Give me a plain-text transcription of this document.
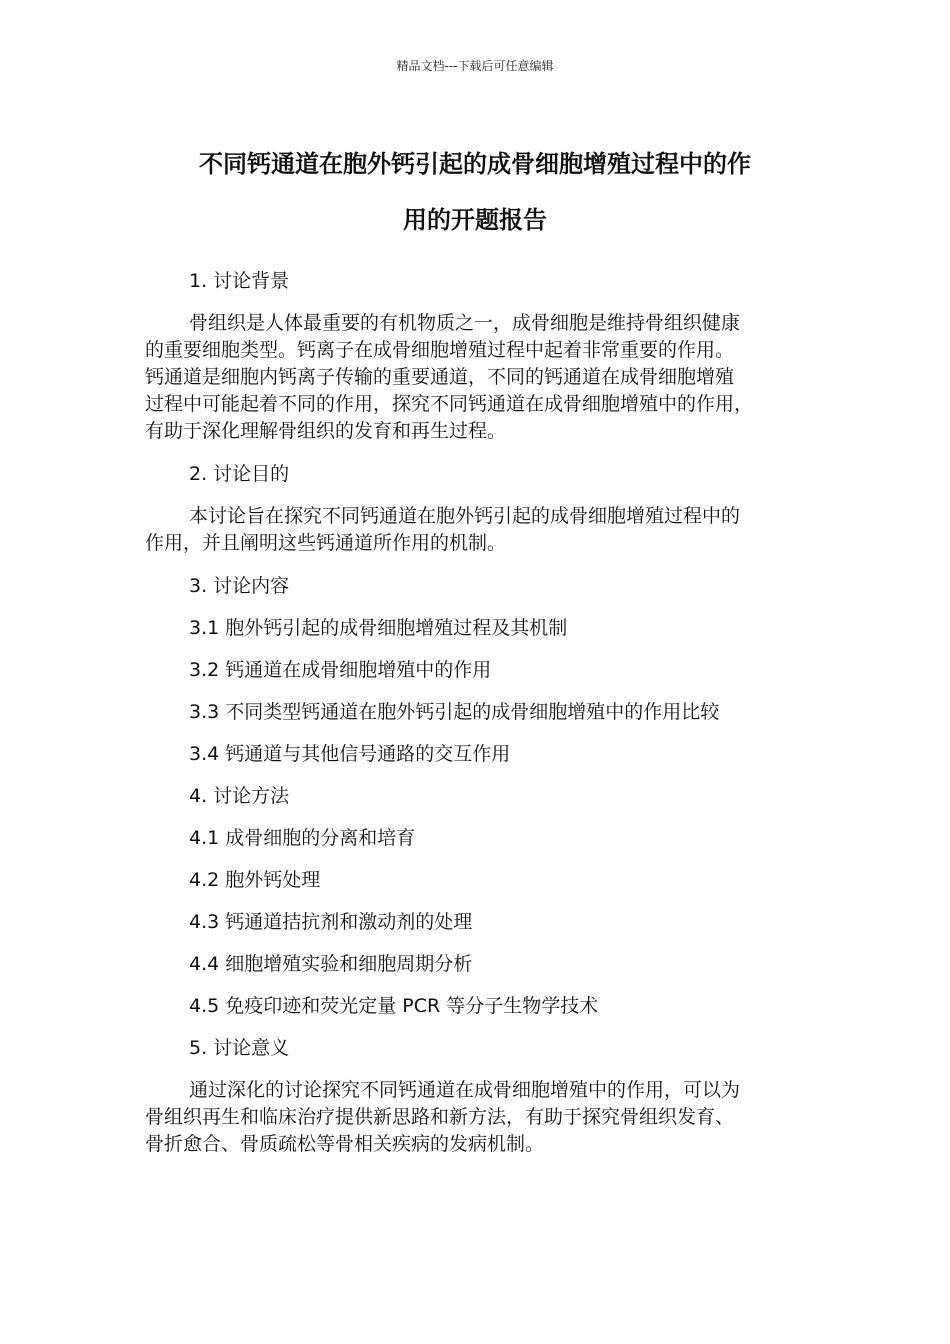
精品文档---下载后可任意编辑
不同钙通道在胞外钙引起的成骨细胞增殖过程中的作
用的开题报告
1. 讨论背景
骨组织是人体最重要的有机物质之一，成骨细胞是维持骨组织健康
的重要细胞类型。钙离子在成骨细胞增殖过程中起着非常重要的作用。
钙通道是细胞内钙离子传输的重要通道，不同的钙通道在成骨细胞增殖
过程中可能起着不同的作用，探究不同钙通道在成骨细胞增殖中的作用，
有助于深化理解骨组织的发育和再生过程。
2. 讨论目的
本讨论旨在探究不同钙通道在胞外钙引起的成骨细胞增殖过程中的
作用，并且阐明这些钙通道所作用的机制。
3. 讨论内容
3.1 胞外钙引起的成骨细胞增殖过程及其机制
3.2 钙通道在成骨细胞增殖中的作用
3.3 不同类型钙通道在胞外钙引起的成骨细胞增殖中的作用比较
3.4 钙通道与其他信号通路的交互作用
4. 讨论方法
4.1 成骨细胞的分离和培育
4.2 胞外钙处理
4.3 钙通道拮抗剂和激动剂的处理
4.4 细胞增殖实验和细胞周期分析
4.5 免疫印迹和荧光定量 PCR 等分子生物学技术
5. 讨论意义
通过深化的讨论探究不同钙通道在成骨细胞增殖中的作用，可以为
骨组织再生和临床治疗提供新思路和新方法，有助于探究骨组织发育、
骨折愈合、骨质疏松等骨相关疾病的发病机制。
